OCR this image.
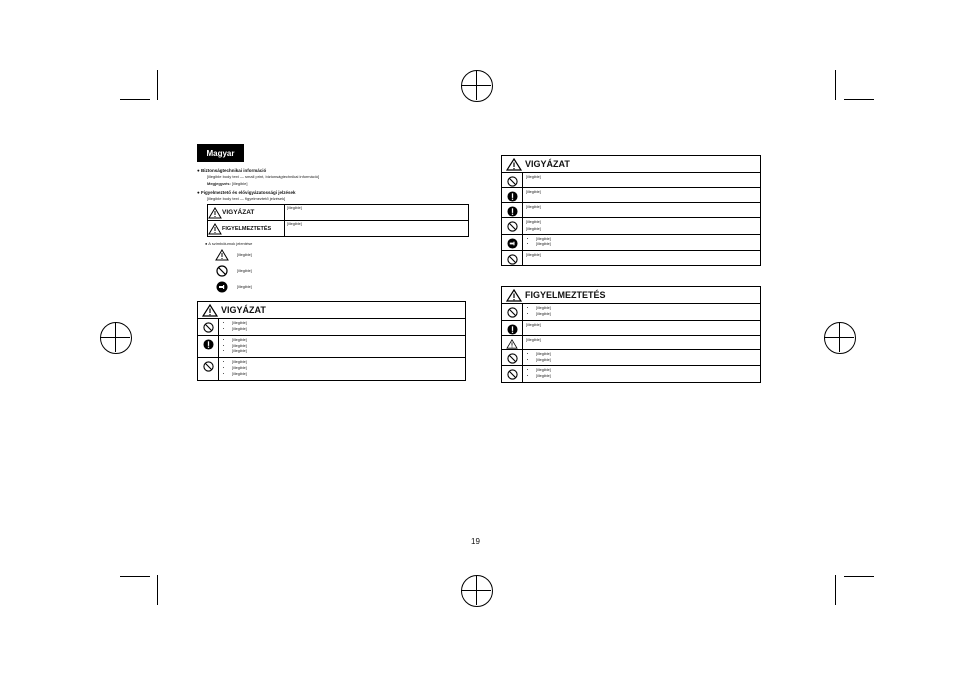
Magyar
● Biztonságtechnikai információ
[illegible body text — small print, biztonságtechnikai információ]
Megjegyzés: [illegible]
● Figyelmeztető és elővigyázatossági jelzések
[illegible body text — figyelmeztető jelzések]
VIGYÁZAT
[illegible]
FIGYELMEZTETÉS
[illegible]
● A szimbólumok jelentése
[illegible]
[illegible]
[illegible]
VIGYÁZAT
• [illegible]
• [illegible]
• [illegible]
• [illegible]
• [illegible]
• [illegible]
• [illegible]
• [illegible]
VIGYÁZAT
[illegible]
[illegible]
[illegible]
[illegible]
[illegible]
• [illegible]
• [illegible]
[illegible]
FIGYELMEZTETÉS
• [illegible]
• [illegible]
[illegible]
[illegible]
• [illegible]
• [illegible]
• [illegible]
• [illegible]
19
